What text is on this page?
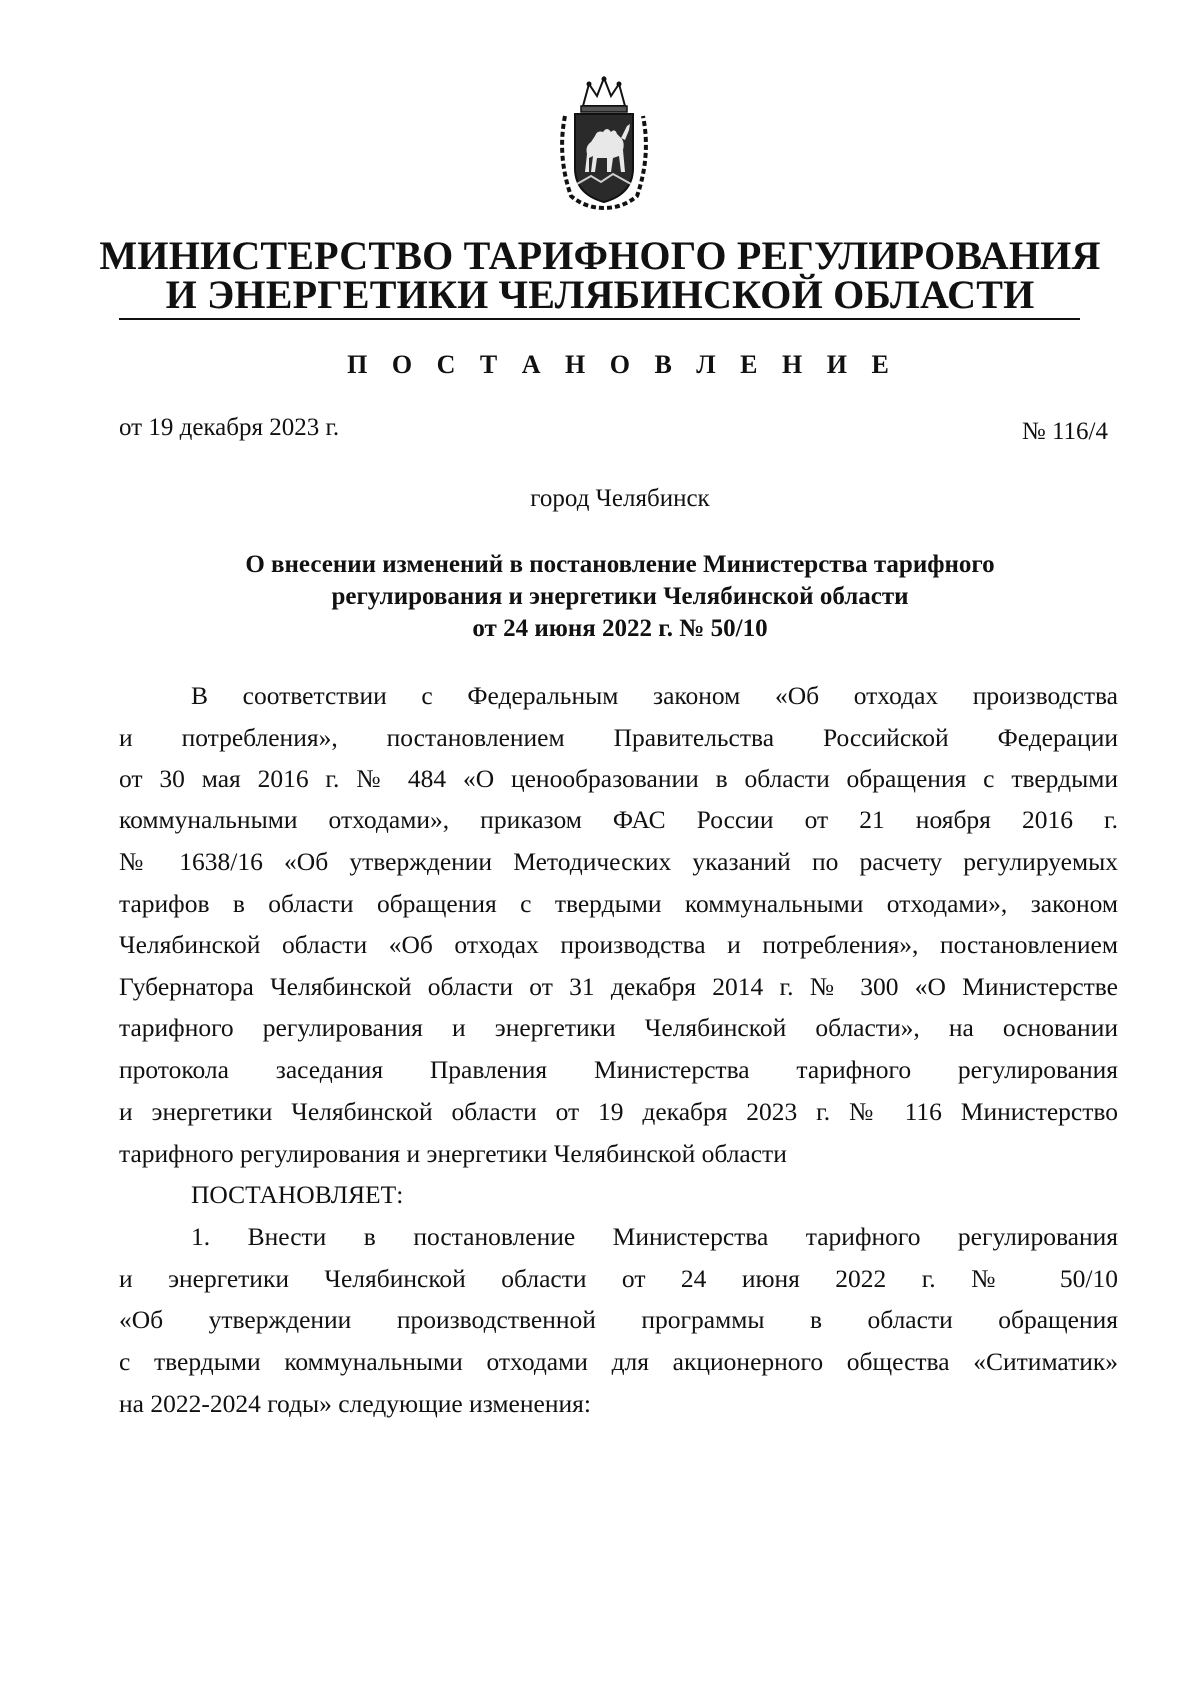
МИНИСТЕРСТВО ТАРИФНОГО РЕГУЛИРОВАНИЯ
И ЭНЕРГЕТИКИ ЧЕЛЯБИНСКОЙ ОБЛАСТИ
П О С Т А Н О В Л Е Н И Е
от 19 декабря 2023 г.	№ 116/4
город Челябинск
О внесении изменений в постановление Министерства тарифного
регулирования и энергетики Челябинской области
от 24 июня 2022 г. № 50/10
В соответствии с Федеральным законом «Об отходах производства
и потребления», постановлением Правительства Российской Федерации
от 30 мая 2016 г. № 484 «О ценообразовании в области обращения с твердыми
коммунальными отходами», приказом ФАС России от 21 ноября 2016 г.
№ 1638/16 «Об утверждении Методических указаний по расчету регулируемых
тарифов в области обращения с твердыми коммунальными отходами», законом
Челябинской области «Об отходах производства и потребления», постановлением
Губернатора Челябинской области от 31 декабря 2014 г. № 300 «О Министерстве
тарифного регулирования и энергетики Челябинской области», на основании
протокола заседания Правления Министерства тарифного регулирования
и энергетики Челябинской области от 19 декабря 2023 г. № 116 Министерство
тарифного регулирования и энергетики Челябинской области
ПОСТАНОВЛЯЕТ:
1. Внести в постановление Министерства тарифного регулирования
и энергетики Челябинской области от 24 июня 2022 г. № 50/10
«Об утверждении производственной программы в области обращения
с твердыми коммунальными отходами для акционерного общества «Ситиматик»
на 2022-2024 годы» следующие изменения:
